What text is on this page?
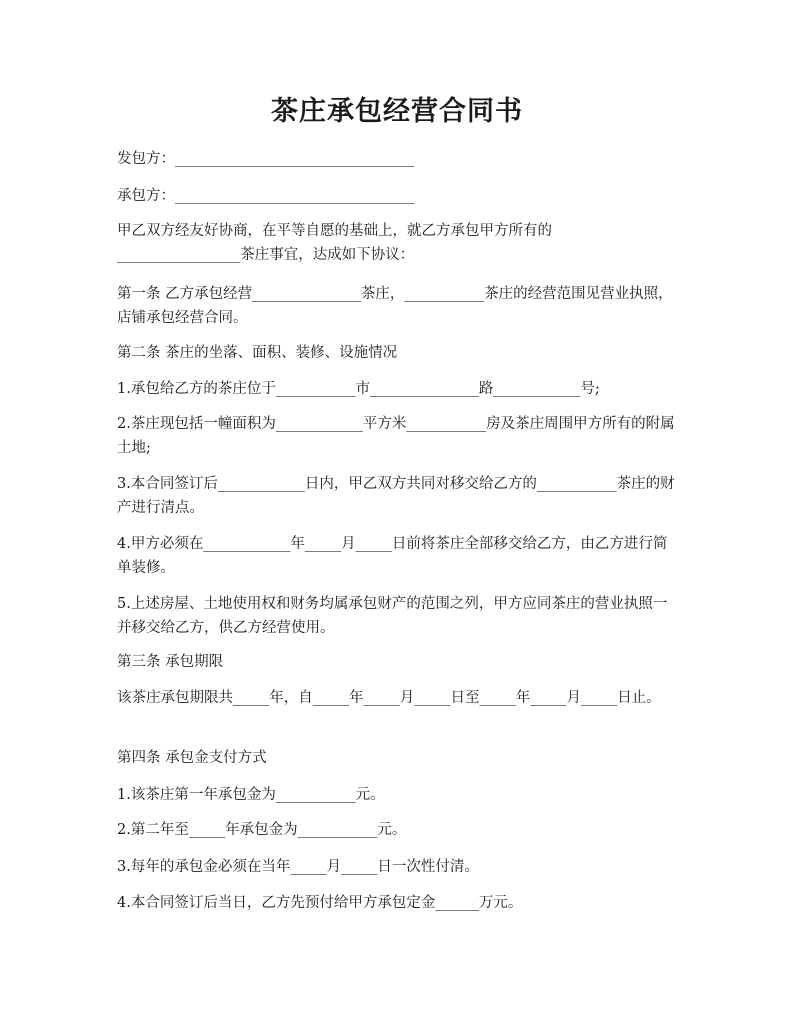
茶庄承包经营合同书
发包方：_________________________________
承包方：_________________________________
甲乙双方经友好协商，在平等自愿的基础上，就乙方承包甲方所有的
_________________茶庄事宜，达成如下协议：
第一条 乙方承包经营_______________茶庄，___________茶庄的经营范围见营业执照，店铺承包经营合同。
第二条 茶庄的坐落、面积、装修、设施情况
1.承包给乙方的茶庄位于___________市_______________路____________号;
2.茶庄现包括一幢面积为____________平方米___________房及茶庄周围甲方所有的附属土地;
3.本合同签订后____________日内，甲乙双方共同对移交给乙方的___________茶庄的财产进行清点。
4.甲方必须在____________年_____月_____日前将茶庄全部移交给乙方，由乙方进行简单装修。
5.上述房屋、土地使用权和财务均属承包财产的范围之列，甲方应同茶庄的营业执照一并移交给乙方，供乙方经营使用。
第三条 承包期限
该茶庄承包期限共_____年，自_____年_____月_____日至_____年_____月_____日止。
第四条 承包金支付方式
1.该茶庄第一年承包金为___________元。
2.第二年至_____年承包金为___________元。
3.每年的承包金必须在当年_____月_____日一次性付清。
4.本合同签订后当日，乙方先预付给甲方承包定金______万元。
